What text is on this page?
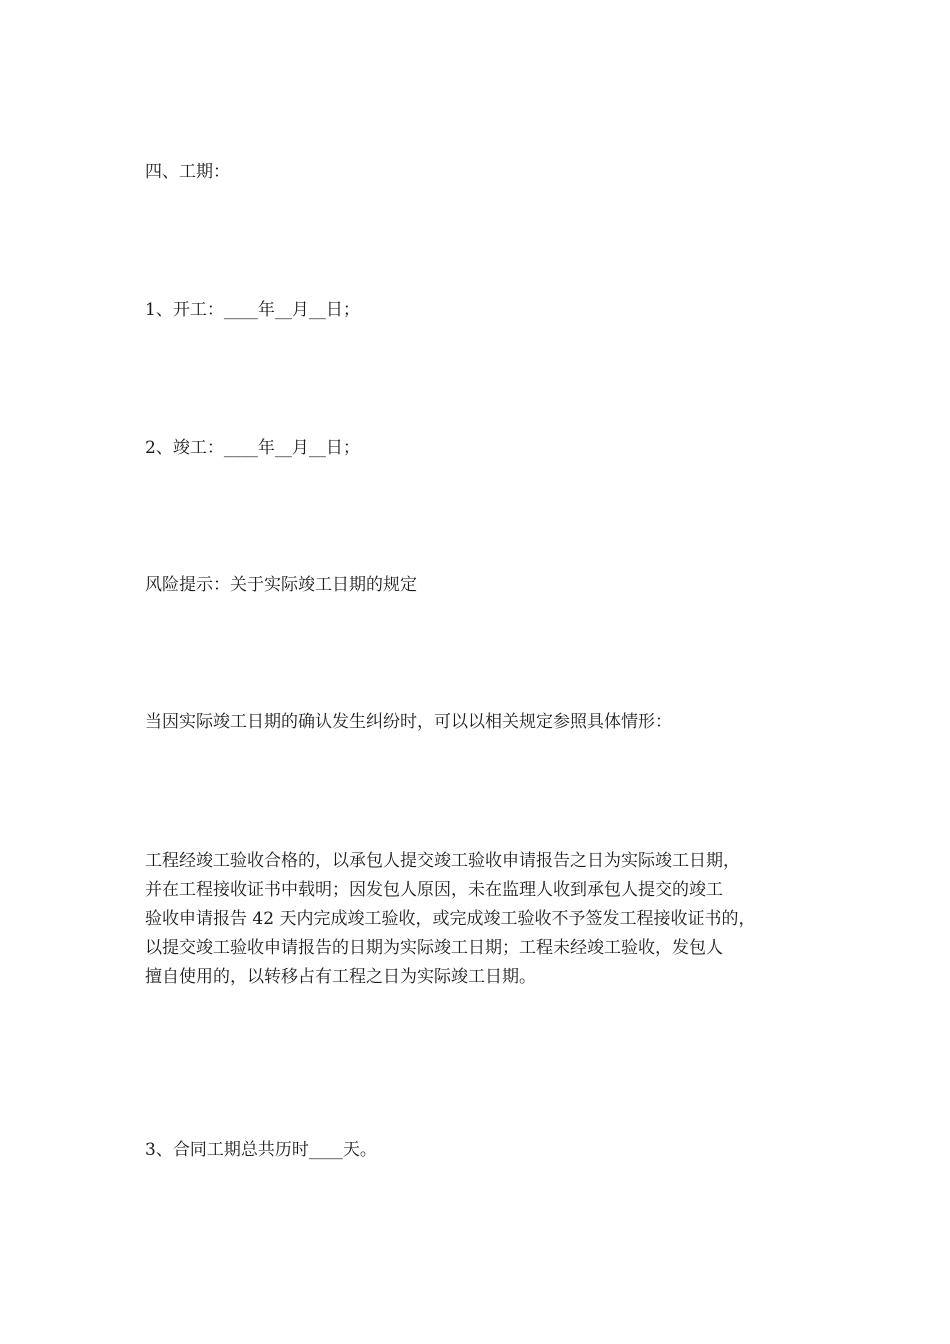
四、工期：
1、开工：____年__月__日；
2、竣工：____年__月__日；
风险提示：关于实际竣工日期的规定
当因实际竣工日期的确认发生纠纷时，可以以相关规定参照具体情形：
工程经竣工验收合格的，以承包人提交竣工验收申请报告之日为实际竣工日期，
并在工程接收证书中载明；因发包人原因，未在监理人收到承包人提交的竣工
验收申请报告 42 天内完成竣工验收，或完成竣工验收不予签发工程接收证书的，
以提交竣工验收申请报告的日期为实际竣工日期；工程未经竣工验收，发包人
擅自使用的，以转移占有工程之日为实际竣工日期。
3、合同工期总共历时____天。
